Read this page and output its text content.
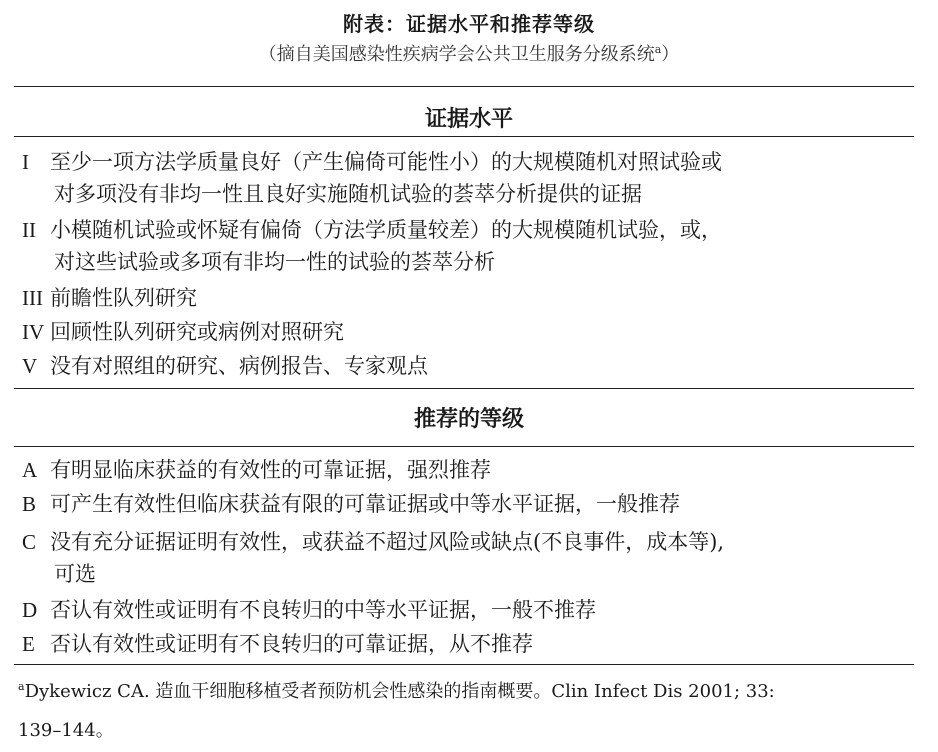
附表：证据水平和推荐等级
（摘自美国感染性疾病学会公共卫生服务分级系统$^a$）
证据水平
I 至少一项方法学质量良好（产生偏倚可能性小）的大规模随机对照试验或
对多项没有非均一性且良好实施随机试验的荟萃分析提供的证据
II 小模随机试验或怀疑有偏倚（方法学质量较差）的大规模随机试验，或，
对这些试验或多项有非均一性的试验的荟萃分析
III 前瞻性队列研究
IV 回顾性队列研究或病例对照研究
V 没有对照组的研究、病例报告、专家观点
推荐的等级
A 有明显临床获益的有效性的可靠证据，强烈推荐
B 可产生有效性但临床获益有限的可靠证据或中等水平证据，一般推荐
C 没有充分证据证明有效性，或获益不超过风险或缺点(不良事件，成本等),
可选
D 否认有效性或证明有不良转归的中等水平证据，一般不推荐
E 否认有效性或证明有不良转归的可靠证据，从不推荐
$^a$Dykewicz CA. 造血干细胞移植受者预防机会性感染的指南概要。Clin Infect Dis 2001; 33:
139–144。
